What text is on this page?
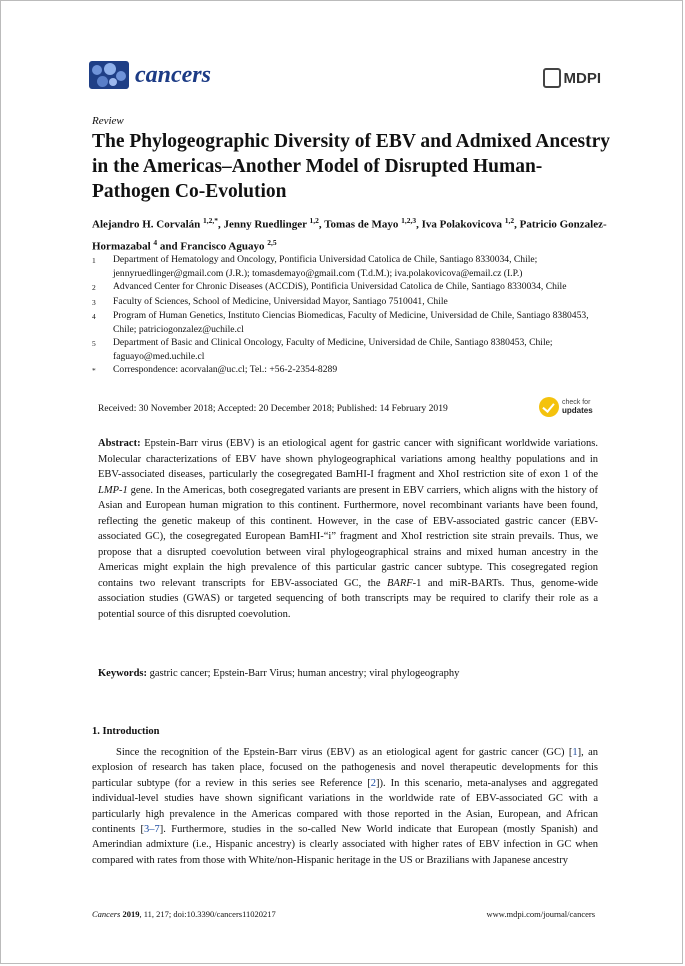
cancers	MDPI
Review
The Phylogeographic Diversity of EBV and Admixed Ancestry in the Americas–Another Model of Disrupted Human-Pathogen Co-Evolution
Alejandro H. Corvalán $^{1,2,*}$, Jenny Ruedlinger $^{1,2}$, Tomas de Mayo $^{1,2,3}$, Iva Polakovicova $^{1,2}$, Patricio Gonzalez-Hormazabal $^4$ and Francisco Aguayo $^{2,5}$
1	Department of Hematology and Oncology, Pontificia Universidad Catolica de Chile, Santiago 8330034, Chile; jennyruedlinger@gmail.com (J.R.); tomasdemayo@gmail.com (T.d.M.); iva.polakovicova@email.cz (I.P.)
2	Advanced Center for Chronic Diseases (ACCDiS), Pontificia Universidad Catolica de Chile, Santiago 8330034, Chile
3	Faculty of Sciences, School of Medicine, Universidad Mayor, Santiago 7510041, Chile
4	Program of Human Genetics, Instituto Ciencias Biomedicas, Faculty of Medicine, Universidad de Chile, Santiago 8380453, Chile; patriciogonzalez@uchile.cl
5	Department of Basic and Clinical Oncology, Faculty of Medicine, Universidad de Chile, Santiago 8380453, Chile; faguayo@med.uchile.cl
*	Correspondence: acorvalan@uc.cl; Tel.: +56-2-2354-8289
Received: 30 November 2018; Accepted: 20 December 2018; Published: 14 February 2019
check for
updates

Abstract: Epstein-Barr virus (EBV) is an etiological agent for gastric cancer with significant worldwide variations. Molecular characterizations of EBV have shown phylogeographical variations among healthy populations and in EBV-associated diseases, particularly the cosegregated BamHI-I fragment and XhoI restriction site of exon 1 of the LMP-1 gene. In the Americas, both cosegregated variants are present in EBV carriers, which aligns with the history of Asian and European human migration to this continent. Furthermore, novel recombinant variants have been found, reflecting the genetic makeup of this continent. However, in the case of EBV-associated gastric cancer (EBV-associated GC), the cosegregated European BamHI-“i” fragment and XhoI restriction site strain prevails. Thus, we propose that a disrupted coevolution between viral phylogeographical strains and mixed human ancestry in the Americas might explain the high prevalence of this particular gastric cancer subtype. This cosegregated region contains two relevant transcripts for EBV-associated GC, the BARF-1 and miR-BARTs. Thus, genome-wide association studies (GWAS) or targeted sequencing of both transcripts may be required to clarify their role as a potential source of this disrupted coevolution.

Keywords: gastric cancer; Epstein-Barr Virus; human ancestry; viral phylogeography
1. Introduction

Since the recognition of the Epstein-Barr virus (EBV) as an etiological agent for gastric cancer (GC) [1], an explosion of research has taken place, focused on the pathogenesis and novel therapeutic developments for this particular subtype (for a review in this series see Reference [2]). In this scenario, meta-analyses and aggregated individual-level studies have shown significant variations in the worldwide rate of EBV-associated GC with a particularly high prevalence in the Americas compared with those reported in the Asian, European, and African continents [3–7]. Furthermore, studies in the so-called New World indicate that European (mostly Spanish) and Amerindian admixture (i.e., Hispanic ancestry) is clearly associated with higher rates of EBV infection in GC when compared with rates from those with White/non-Hispanic heritage in the US or Brazilians with Japanese ancestry

Cancers 2019, 11, 217; doi:10.3390/cancers11020217	www.mdpi.com/journal/cancers
